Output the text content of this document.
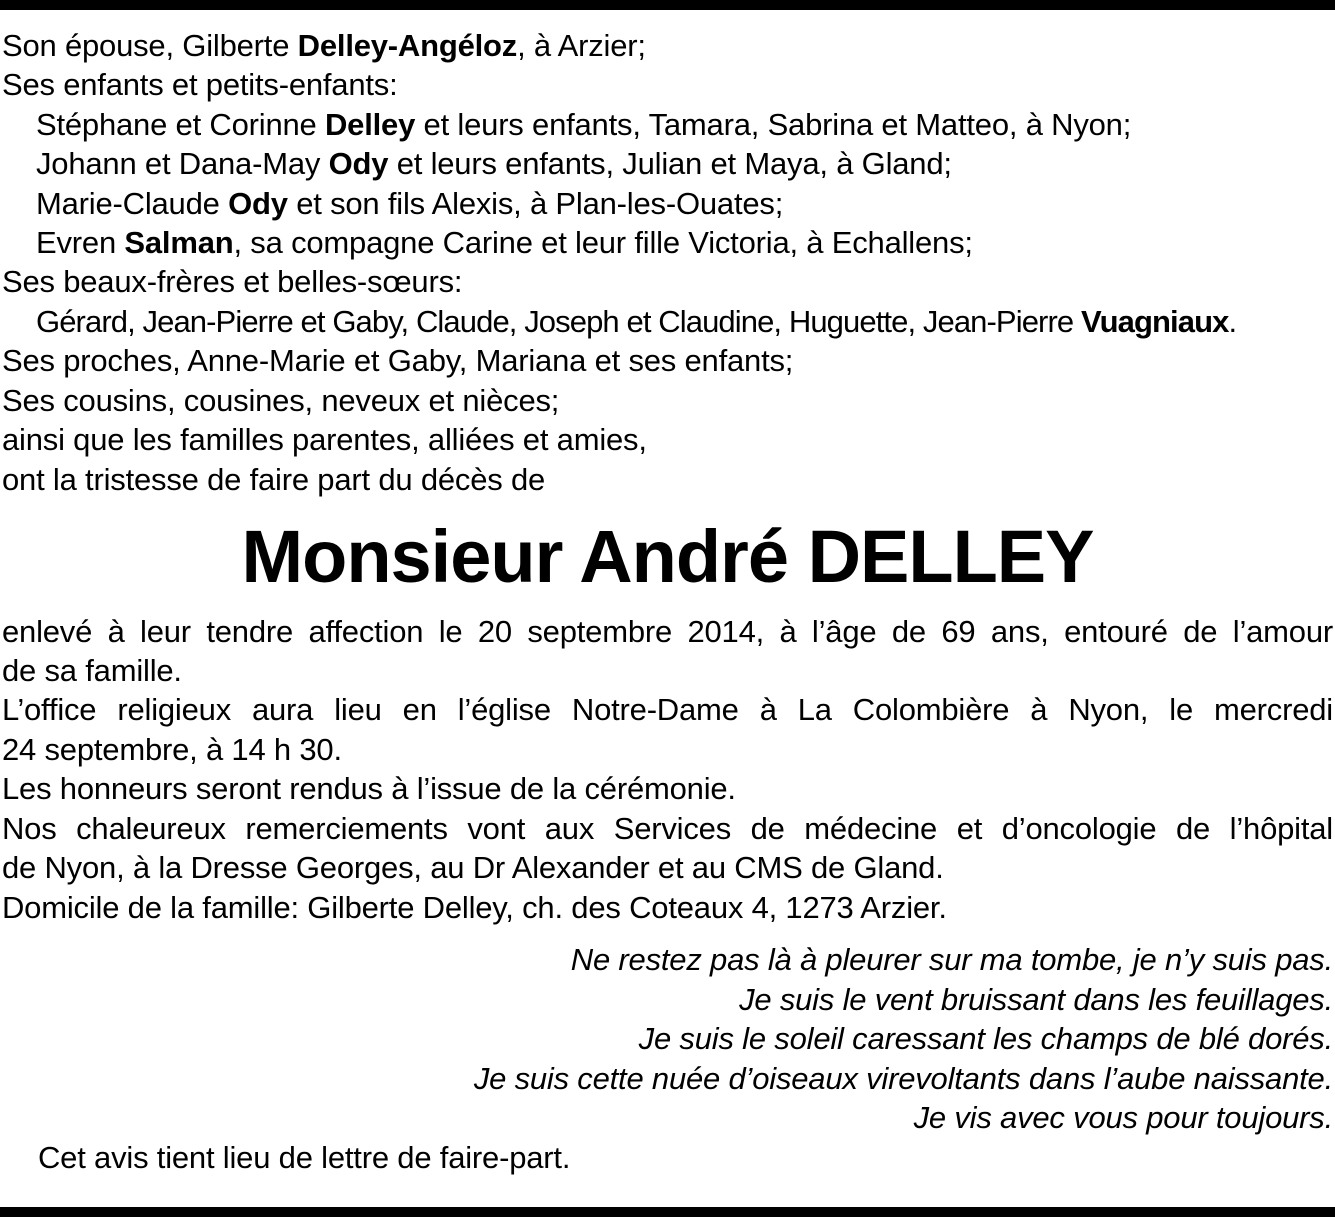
Son épouse, Gilberte Delley-Angéloz, à Arzier;
Ses enfants et petits-enfants:
Stéphane et Corinne Delley et leurs enfants, Tamara, Sabrina et Matteo, à Nyon;
Johann et Dana-May Ody et leurs enfants, Julian et Maya, à Gland;
Marie-Claude Ody et son fils Alexis, à Plan-les-Ouates;
Evren Salman, sa compagne Carine et leur fille Victoria, à Echallens;
Ses beaux-frères et belles-sœurs:
Gérard, Jean-Pierre et Gaby, Claude, Joseph et Claudine, Huguette, Jean-Pierre Vuagniaux.
Ses proches, Anne-Marie et Gaby, Mariana et ses enfants;
Ses cousins, cousines, neveux et nièces;
ainsi que les familles parentes, alliées et amies,
ont la tristesse de faire part du décès de
Monsieur André DELLEY
enlevé à leur tendre affection le 20 septembre 2014, à l’âge de 69 ans, entouré de l’amour
de sa famille.
L’office religieux aura lieu en l’église Notre-Dame à La Colombière à Nyon, le mercredi
24 septembre, à 14 h 30.
Les honneurs seront rendus à l’issue de la cérémonie.
Nos chaleureux remerciements vont aux Services de médecine et d’oncologie de l’hôpital
de Nyon, à la Dresse Georges, au Dr Alexander et au CMS de Gland.
Domicile de la famille: Gilberte Delley, ch. des Coteaux 4, 1273 Arzier.
Ne restez pas là à pleurer sur ma tombe, je n’y suis pas.
Je suis le vent bruissant dans les feuillages.
Je suis le soleil caressant les champs de blé dorés.
Je suis cette nuée d’oiseaux virevoltants dans l’aube naissante.
Je vis avec vous pour toujours.
Cet avis tient lieu de lettre de faire-part.
